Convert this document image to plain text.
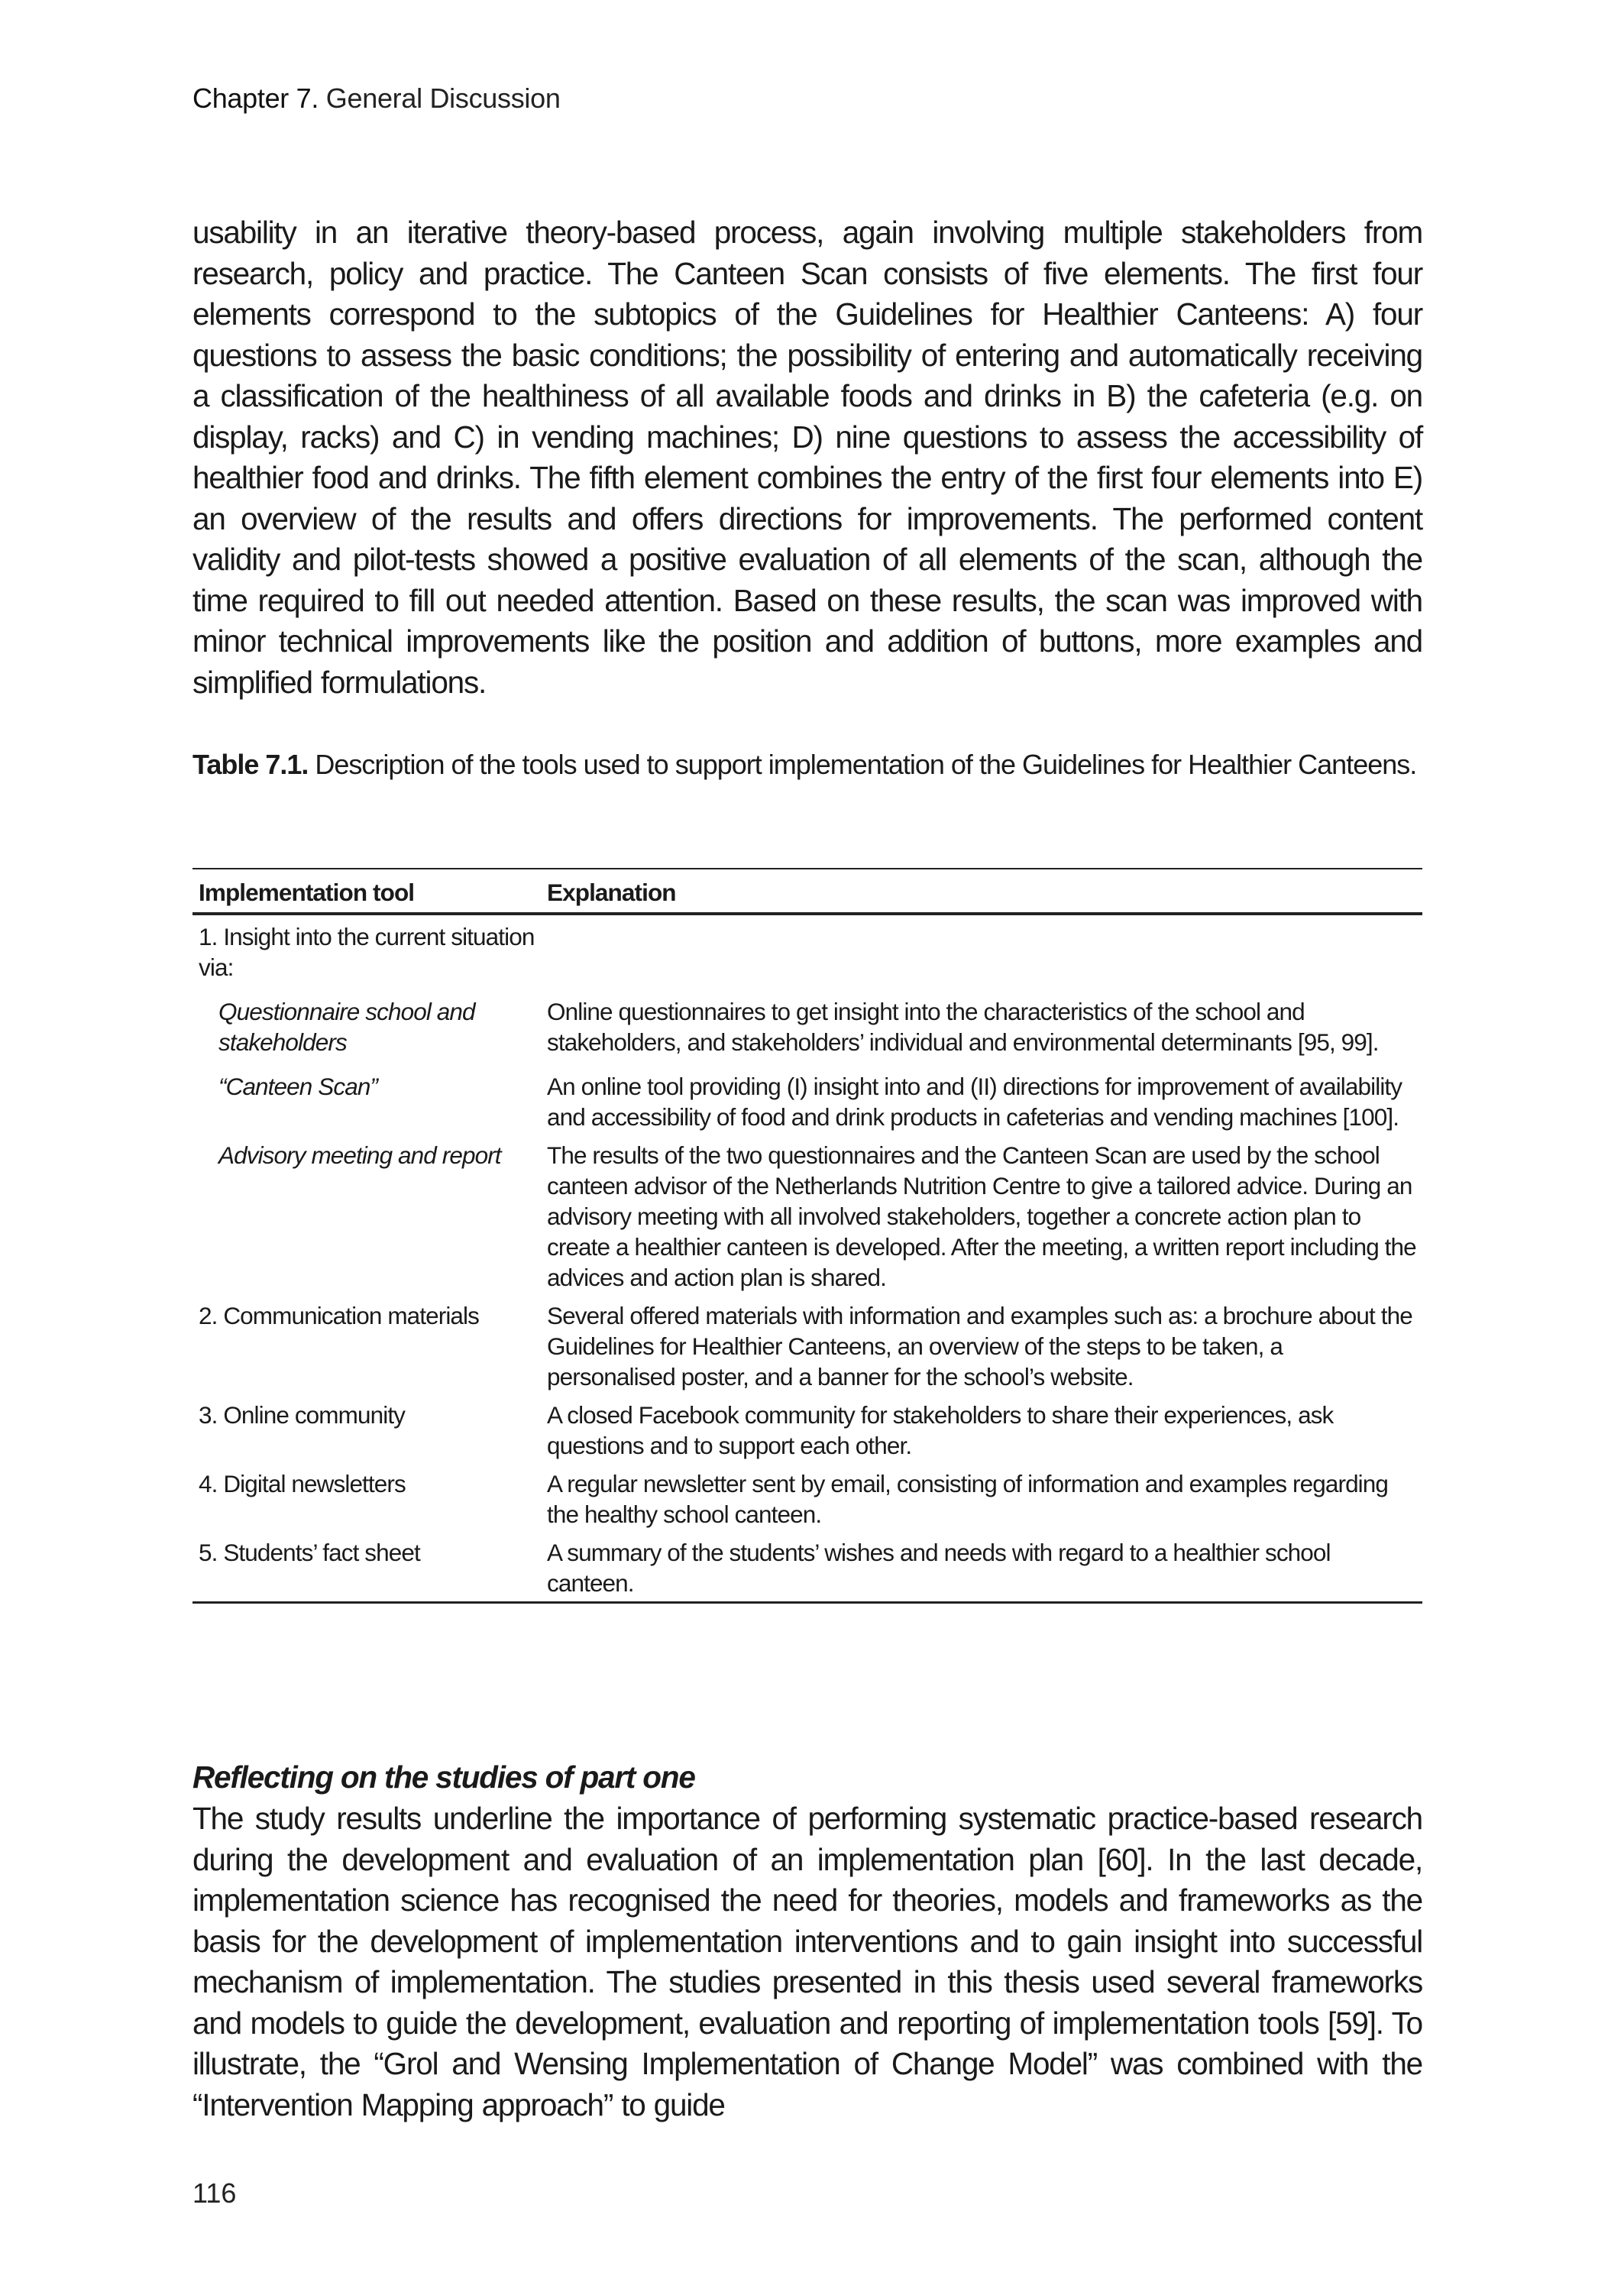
Chapter 7. General Discussion

usability in an iterative theory-based process, again involving multiple stakeholders from research, policy and practice. The Canteen Scan consists of five elements. The first four elements correspond to the subtopics of the Guidelines for Healthier Canteens: A) four questions to assess the basic conditions; the possibility of entering and automatically receiving a classification of the healthiness of all available foods and drinks in B) the cafeteria (e.g. on display, racks) and C) in vending machines; D) nine questions to assess the accessibility of healthier food and drinks. The fifth element combines the entry of the first four elements into E) an overview of the results and offers directions for improvements. The performed content validity and pilot-tests showed a positive evaluation of all elements of the scan, although the time required to fill out needed attention. Based on these results, the scan was improved with minor technical improvements like the position and addition of buttons, more examples and simplified formulations.

Table 7.1. Description of the tools used to support implementation of the Guidelines for Healthier Canteens.

Implementation tool	Explanation
1. Insight into the current situation via:	
Questionnaire school and stakeholders	Online questionnaires to get insight into the characteristics of the school and stakeholders, and stakeholders’ individual and environmental determinants [95, 99].
“Canteen Scan”	An online tool providing (I) insight into and (II) directions for improvement of availability and accessibility of food and drink products in cafeterias and vending machines [100].
Advisory meeting and report	The results of the two questionnaires and the Canteen Scan are used by the school canteen advisor of the Netherlands Nutrition Centre to give a tailored advice. During an advisory meeting with all involved stakeholders, together a concrete action plan to create a healthier canteen is developed. After the meeting, a written report including the advices and action plan is shared.
2. Communication materials	Several offered materials with information and examples such as: a brochure about the Guidelines for Healthier Canteens, an overview of the steps to be taken, a personalised poster, and a banner for the school’s website.
3. Online community	A closed Facebook community for stakeholders to share their experiences, ask questions and to support each other.
4. Digital newsletters	A regular newsletter sent by email, consisting of information and examples regarding the healthy school canteen.
5. Students’ fact sheet	A summary of the students’ wishes and needs with regard to a healthier school canteen.
Reflecting on the studies of part one

The study results underline the importance of performing systematic practice-based research during the development and evaluation of an implementation plan [60]. In the last decade, implementation science has recognised the need for theories, models and frameworks as the basis for the development of implementation interventions and to gain insight into successful mechanism of implementation. The studies presented in this thesis used several frameworks and models to guide the development, evaluation and reporting of implementation tools [59]. To illustrate, the “Grol and Wensing Implementation of Change Model” was combined with the “Intervention Mapping approach” to guide

116
